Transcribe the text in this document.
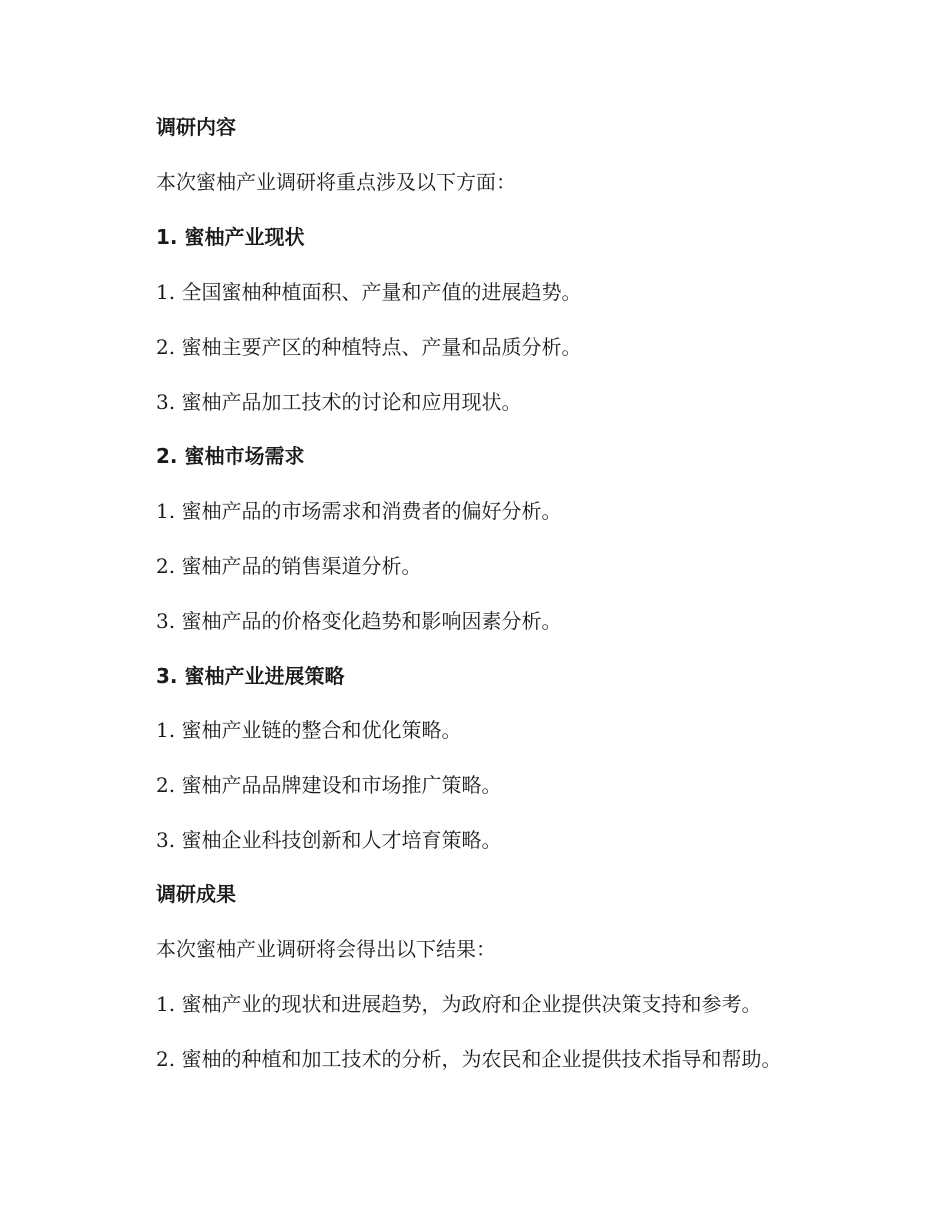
调研内容
本次蜜柚产业调研将重点涉及以下方面：
1. 蜜柚产业现状
1. 全国蜜柚种植面积、产量和产值的进展趋势。
2. 蜜柚主要产区的种植特点、产量和品质分析。
3. 蜜柚产品加工技术的讨论和应用现状。
2. 蜜柚市场需求
1. 蜜柚产品的市场需求和消费者的偏好分析。
2. 蜜柚产品的销售渠道分析。
3. 蜜柚产品的价格变化趋势和影响因素分析。
3. 蜜柚产业进展策略
1. 蜜柚产业链的整合和优化策略。
2. 蜜柚产品品牌建设和市场推广策略。
3. 蜜柚企业科技创新和人才培育策略。
调研成果
本次蜜柚产业调研将会得出以下结果：
1. 蜜柚产业的现状和进展趋势，为政府和企业提供决策支持和参考。
2. 蜜柚的种植和加工技术的分析，为农民和企业提供技术指导和帮助。
